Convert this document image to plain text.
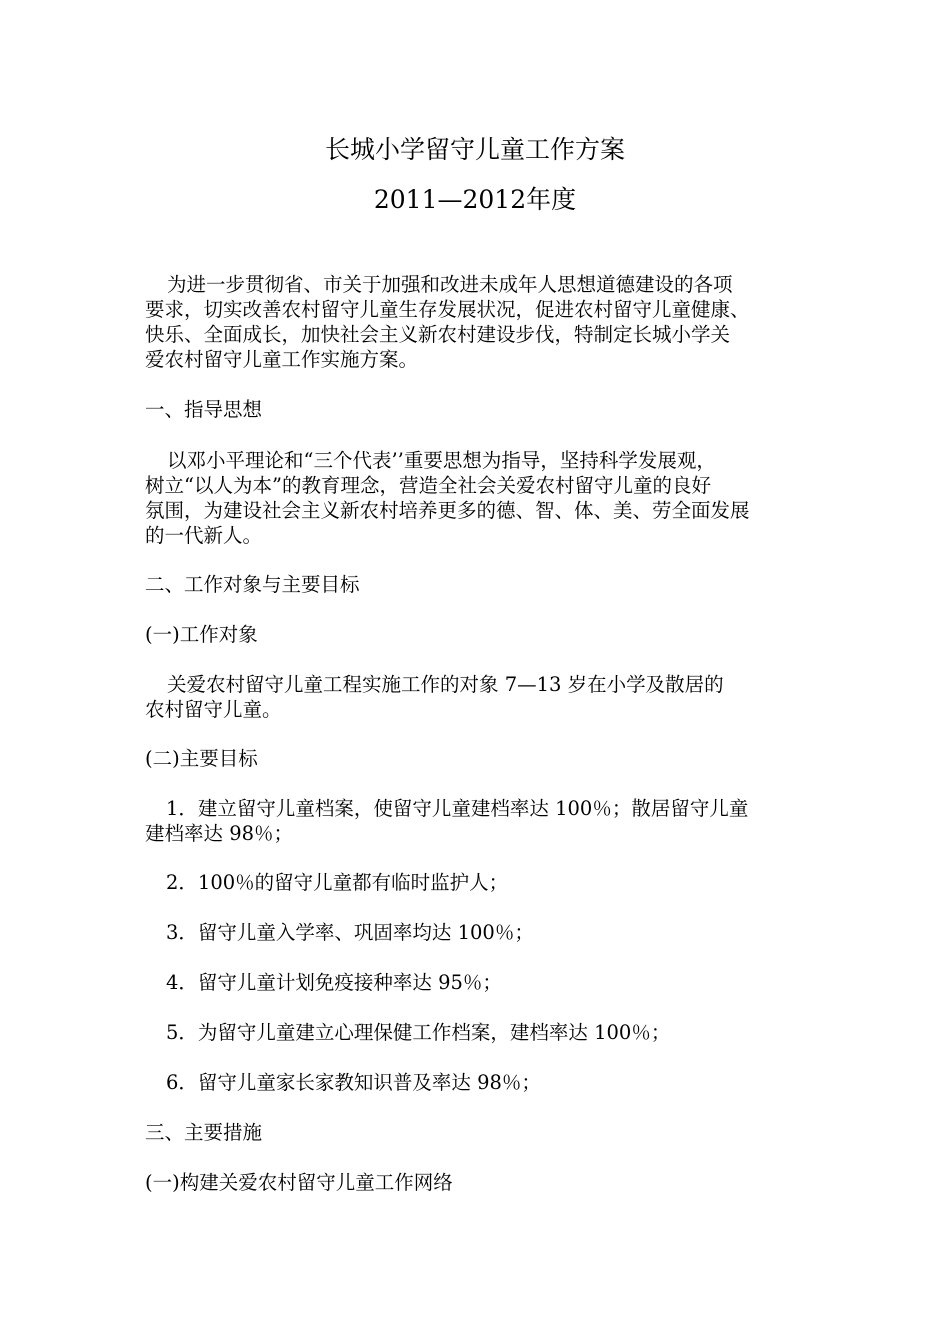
长城小学留守儿童工作方案
2011—2012年度
为进一步贯彻省、市关于加强和改进未成年人思想道德建设的各项
要求，切实改善农村留守儿童生存发展状况，促进农村留守儿童健康、
快乐、全面成长，加快社会主义新农村建设步伐，特制定长城小学关
爱农村留守儿童工作实施方案。
一、指导思想
以邓小平理论和“三个代表’’重要思想为指导，坚持科学发展观，
树立“以人为本”的教育理念，营造全社会关爱农村留守儿童的良好
氛围，为建设社会主义新农村培养更多的德、智、体、美、劳全面发展
的一代新人。
二、工作对象与主要目标
(一)工作对象
关爱农村留守儿童工程实施工作的对象 7—13 岁在小学及散居的
农村留守儿童。
(二)主要目标
1．建立留守儿童档案，使留守儿童建档率达 100％；散居留守儿童
建档率达 98％；
2．100％的留守儿童都有临时监护人；
3．留守儿童入学率、巩固率均达 100％；
4．留守儿童计划免疫接种率达 95％；
5．为留守儿童建立心理保健工作档案，建档率达 100％；
6．留守儿童家长家教知识普及率达 98％；
三、主要措施
(一)构建关爱农村留守儿童工作网络
